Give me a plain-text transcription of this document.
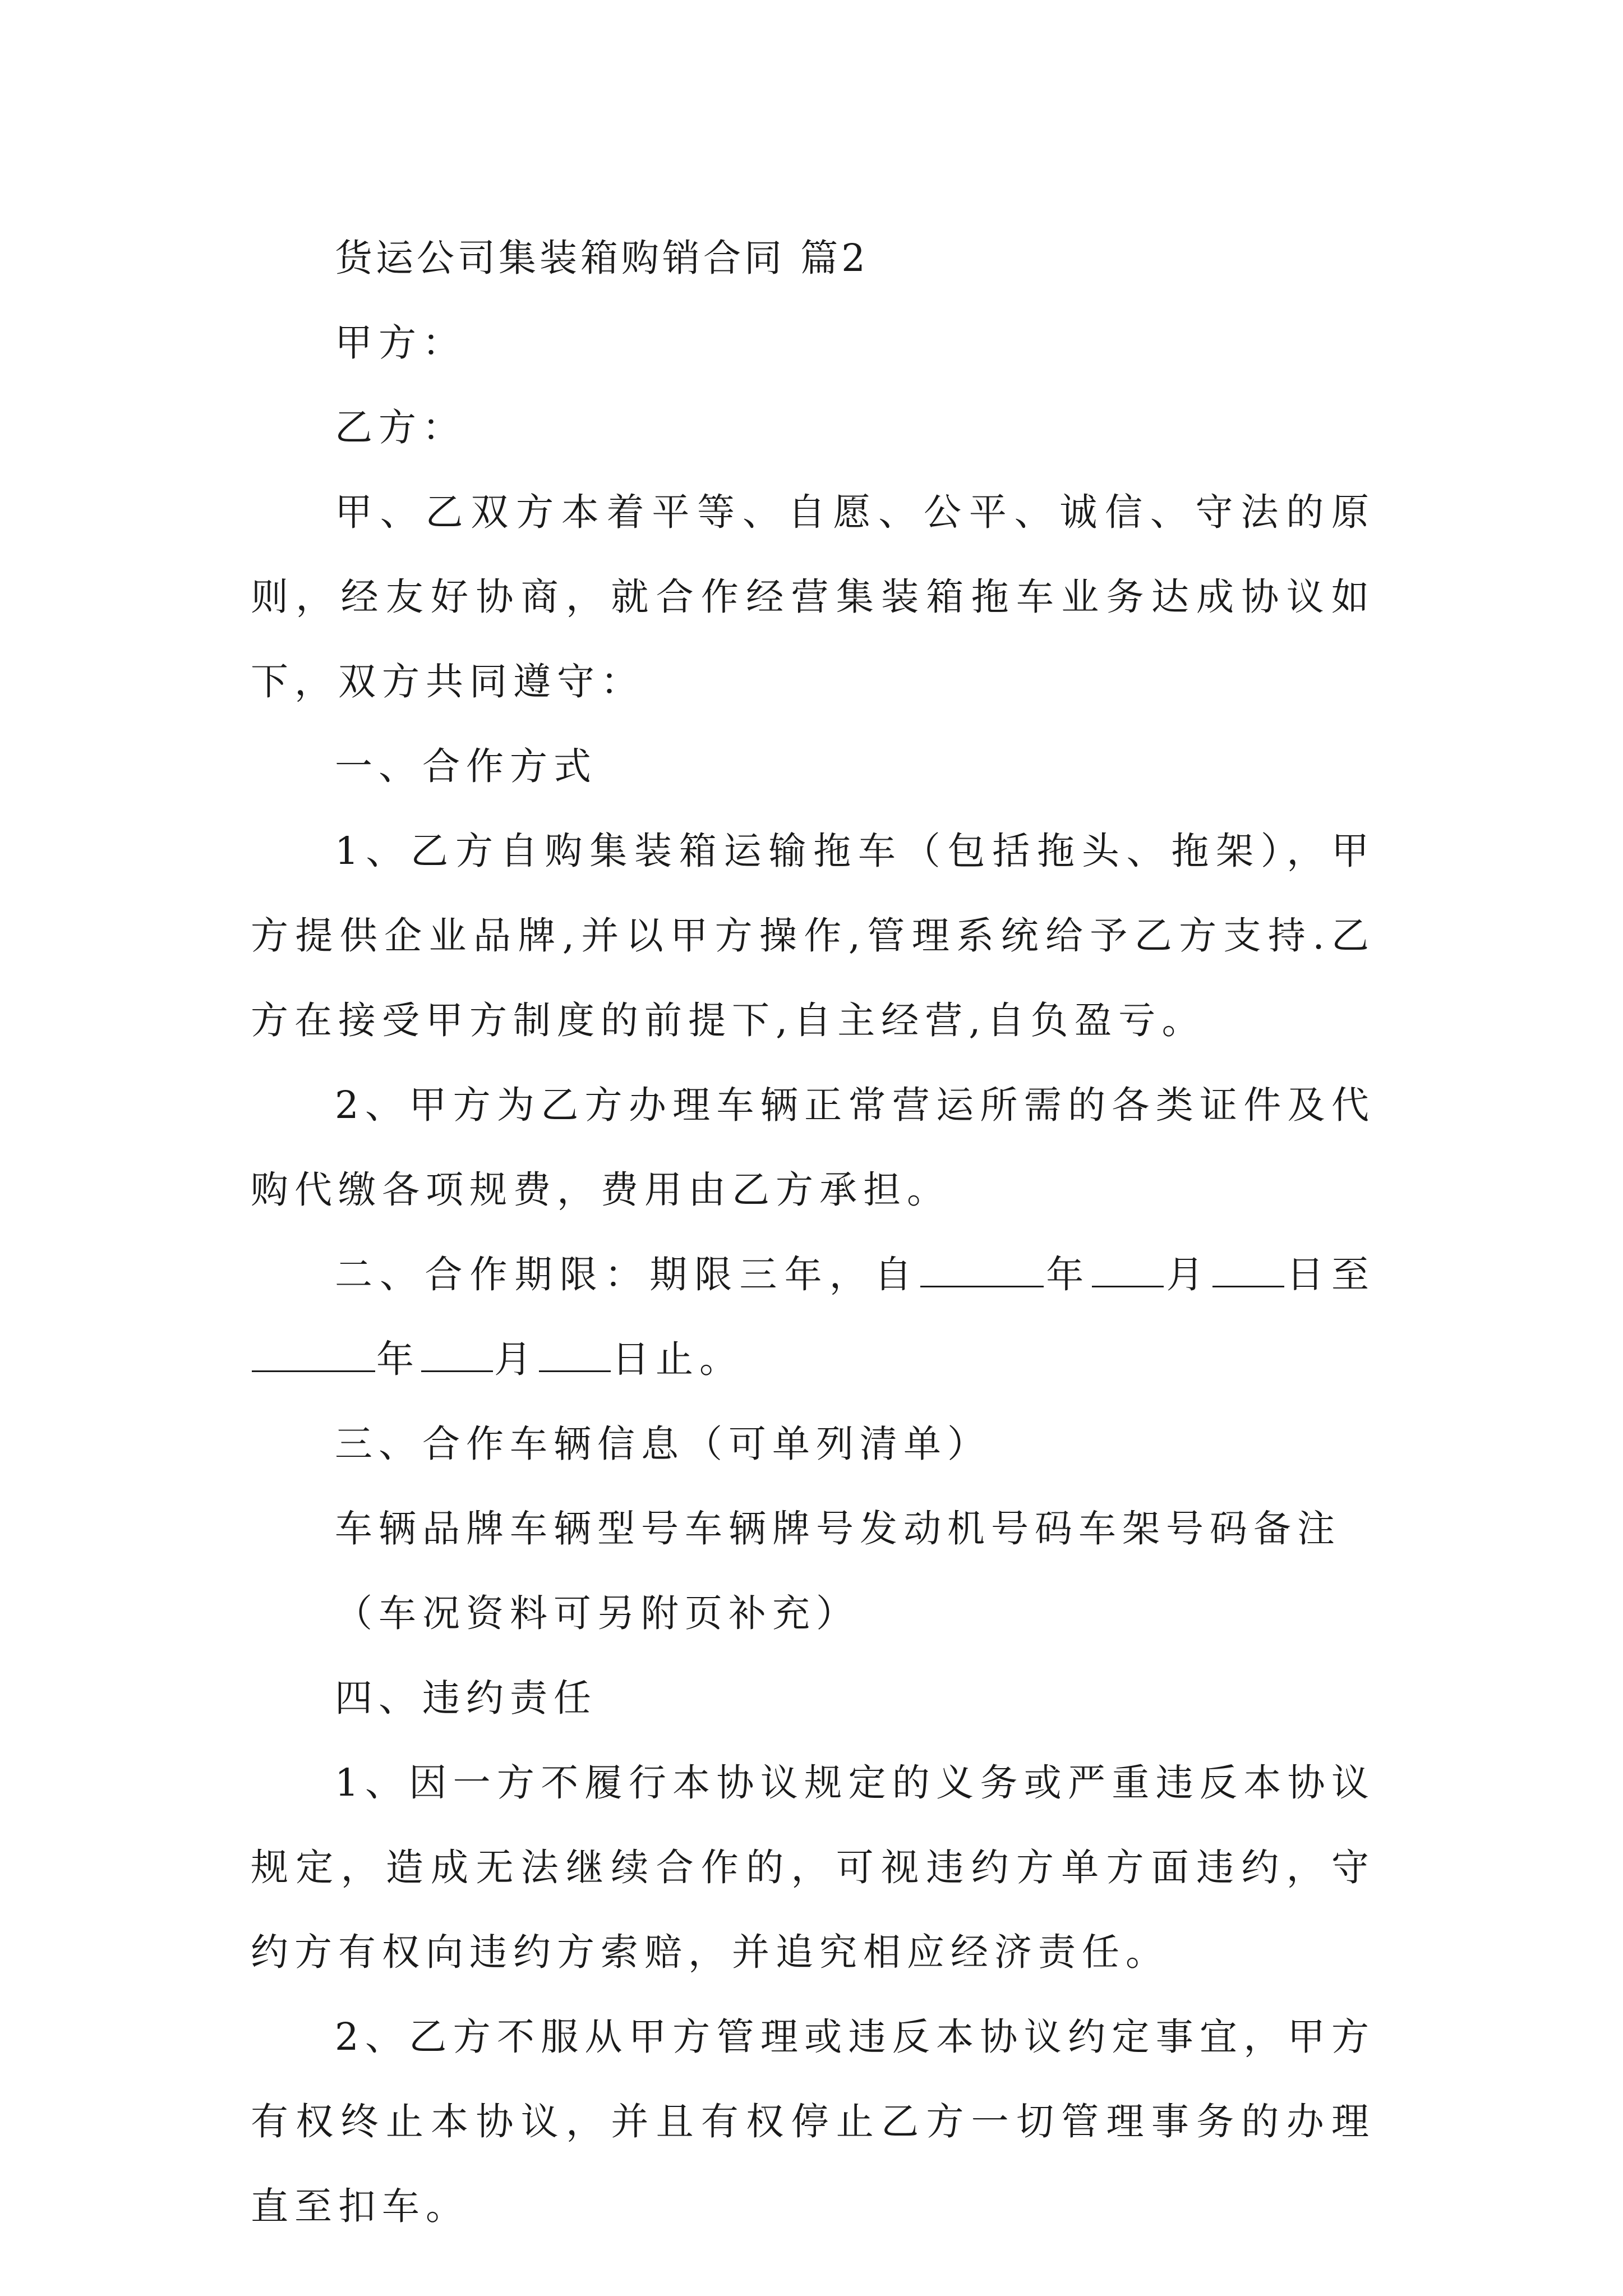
货运公司集装箱购销合同 篇2

甲方：

乙方：

甲、乙双方本着平等、自愿、公平、诚信、守法的原则，经友好协商，就合作经营集装箱拖车业务达成协议如下，双方共同遵守：

一、合作方式

1、乙方自购集装箱运输拖车（包括拖头、拖架），甲方提供企业品牌,并以甲方操作,管理系统给予乙方支持.乙方在接受甲方制度的前提下,自主经营,自负盈亏。

2、甲方为乙方办理车辆正常营运所需的各类证件及代购代缴各项规费，费用由乙方承担。

二、合作期限：期限三年，自	年 月 日至年 月 日止。

三、合作车辆信息（可单列清单）

车辆品牌车辆型号车辆牌号发动机号码车架号码备注

（车况资料可另附页补充）

四、违约责任

1、因一方不履行本协议规定的义务或严重违反本协议规定，造成无法继续合作的，可视违约方单方面违约，守约方有权向违约方索赔，并追究相应经济责任。

2、乙方不服从甲方管理或违反本协议约定事宜，甲方有权终止本协议，并且有权停止乙方一切管理事务的办理直至扣车。
